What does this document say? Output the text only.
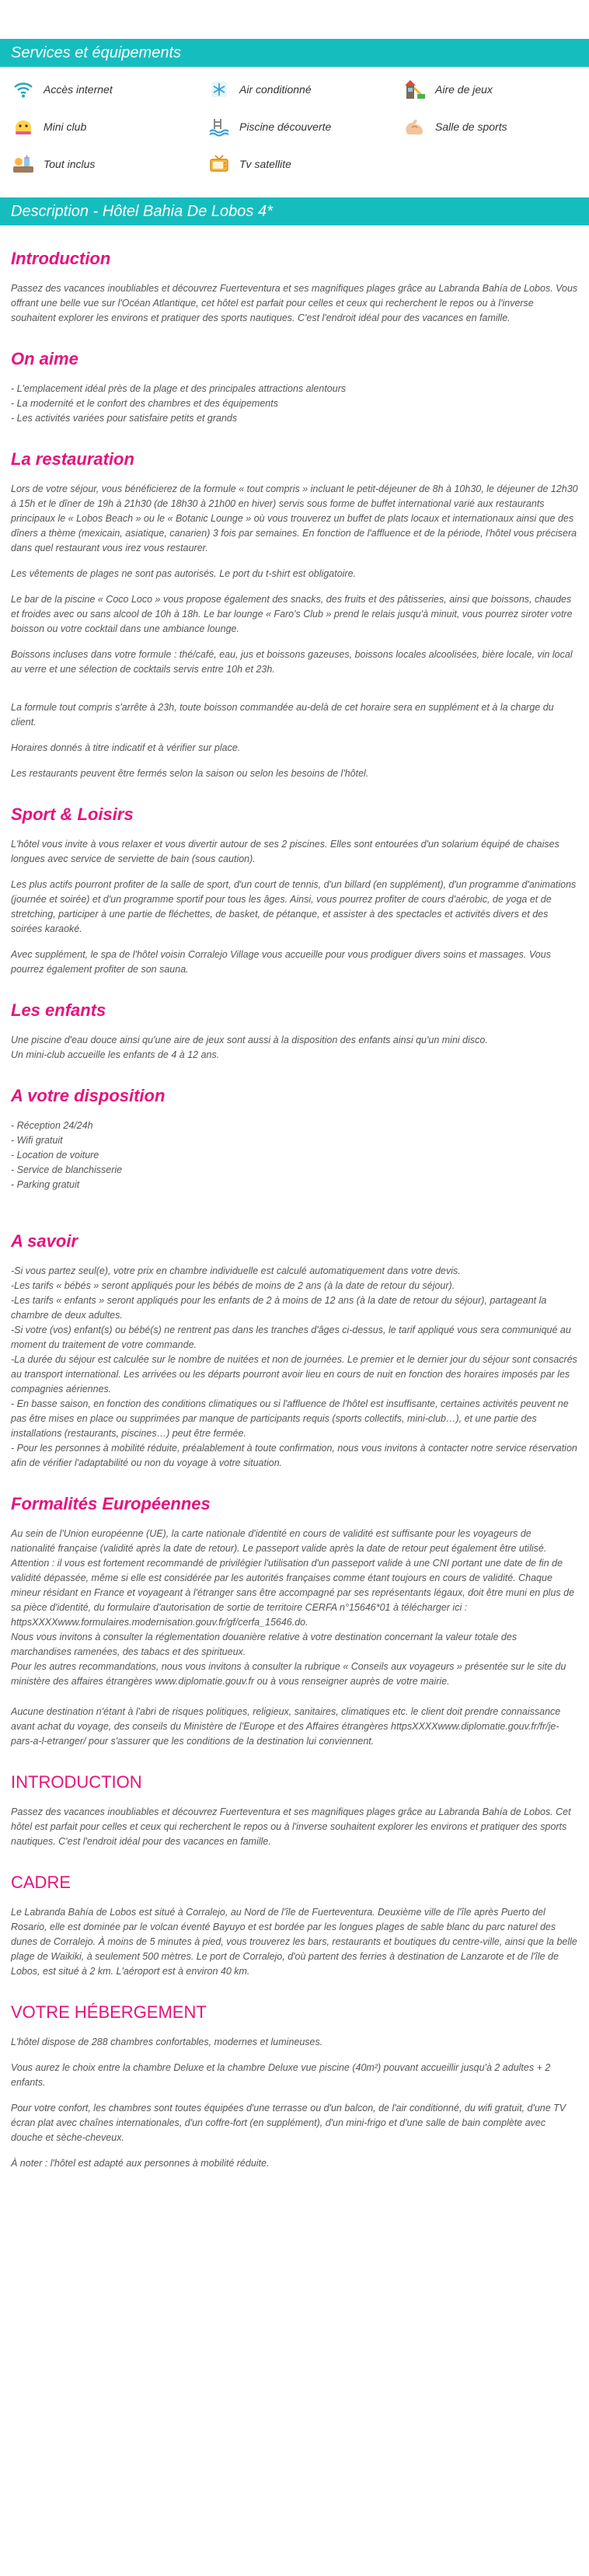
Services et équipements
Accès internet	Air conditionné	Aire de jeux
Mini club	Piscine découverte	Salle de sports
Tout inclus	Tv satellite
Description - Hôtel Bahia De Lobos 4*
Introduction

Passez des vacances inoubliables et découvrez Fuerteventura et ses magnifiques plages grâce au Labranda Bahía de Lobos. Vous offrant une belle vue sur l'Océan Atlantique, cet hôtel est parfait pour celles et ceux qui recherchent le repos ou à l'inverse souhaitent explorer les environs et pratiquer des sports nautiques. C'est l'endroit idéal pour des vacances en famille.

On aime

- L'emplacement idéal près de la plage et des principales attractions alentours

- La modernité et le confort des chambres et des équipements

- Les activités variées pour satisfaire petits et grands

La restauration

Lors de votre séjour, vous bénéficierez de la formule « tout compris » incluant le petit-déjeuner de 8h à 10h30, le déjeuner de 12h30 à 15h et le dîner de 19h à 21h30 (de 18h30 à 21h00 en hiver) servis sous forme de buffet international varié aux restaurants principaux le « Lobos Beach » ou le « Botanic Lounge » où vous trouverez un buffet de plats locaux et internationaux ainsi que des dîners a thème (mexicain, asiatique, canarien) 3 fois par semaines. En fonction de l'affluence et de la période, l'hôtel vous précisera dans quel restaurant vous irez vous restaurer.

Les vêtements de plages ne sont pas autorisés. Le port du t-shirt est obligatoire.

Le bar de la piscine « Coco Loco » vous propose également des snacks, des fruits et des pâtisseries, ainsi que boissons, chaudes et froides avec ou sans alcool de 10h à 18h. Le bar lounge « Faro's Club » prend le relais jusqu'à minuit, vous pourrez siroter votre boisson ou votre cocktail dans une ambiance lounge.

Boissons incluses dans votre formule : thé/café, eau, jus et boissons gazeuses, boissons locales alcoolisées, bière locale, vin local au verre et une sélection de cocktails servis entre 10h et 23h.

La formule tout compris s'arrête à 23h, toute boisson commandée au-delà de cet horaire sera en supplément et à la charge du client.

Horaires donnés à titre indicatif et à vérifier sur place.

Les restaurants peuvent être fermés selon la saison ou selon les besoins de l'hôtel.

Sport & Loisirs

L'hôtel vous invite à vous relaxer et vous divertir autour de ses 2 piscines. Elles sont entourées d'un solarium équipé de chaises longues avec service de serviette de bain (sous caution).

Les plus actifs pourront profiter de la salle de sport, d'un court de tennis, d'un billard (en supplément), d'un programme d'animations (journée et soirée) et d'un programme sportif pour tous les âges. Ainsi, vous pourrez profiter de cours d'aérobic, de yoga et de stretching, participer à une partie de fléchettes, de basket, de pétanque, et assister à des spectacles et activités divers et des soirées karaoké.

Avec supplément, le spa de l'hôtel voisin Corralejo Village vous accueille pour vous prodiguer divers soins et massages. Vous pourrez également profiter de son sauna.

Les enfants

Une piscine d'eau douce ainsi qu'une aire de jeux sont aussi à la disposition des enfants ainsi qu'un mini disco.

Un mini-club accueille les enfants de 4 à 12 ans.

A votre disposition

- Réception 24/24h

- Wifi gratuit

- Location de voiture

- Service de blanchisserie

- Parking gratuit

A savoir

-Si vous partez seul(e), votre prix en chambre individuelle est calculé automatiquement dans votre devis.

-Les tarifs « bébés » seront appliqués pour les bébés de moins de 2 ans (à la date de retour du séjour).

-Les tarifs « enfants » seront appliqués pour les enfants de 2 à moins de 12 ans (à la date de retour du séjour), partageant la chambre de deux adultes.

-Si votre (vos) enfant(s) ou bébé(s) ne rentrent pas dans les tranches d'âges ci-dessus, le tarif appliqué vous sera communiqué au moment du traitement de votre commande.

-La durée du séjour est calculée sur le nombre de nuitées et non de journées. Le premier et le dernier jour du séjour sont consacrés au transport international. Les arrivées ou les départs pourront avoir lieu en cours de nuit en fonction des horaires imposés par les compagnies aériennes.

- En basse saison, en fonction des conditions climatiques ou si l'affluence de l'hôtel est insuffisante, certaines activités peuvent ne pas être mises en place ou supprimées par manque de participants requis (sports collectifs, mini-club…), et une partie des installations (restaurants, piscines…) peut être fermée.

- Pour les personnes à mobilité réduite, préalablement à toute confirmation, nous vous invitons à contacter notre service réservation afin de vérifier l'adaptabilité ou non du voyage à votre situation.

Formalités Européennes

Au sein de l'Union européenne (UE), la carte nationale d'identité en cours de validité est suffisante pour les voyageurs de nationalité française (validité après la date de retour). Le passeport valide après la date de retour peut également être utilisé. Attention : il vous est fortement recommandé de privilégier l'utilisation d'un passeport valide à une CNI portant une date de fin de validité dépassée, même si elle est considérée par les autorités françaises comme étant toujours en cours de validité. Chaque mineur résidant en France et voyageant à l'étranger sans être accompagné par ses représentants légaux, doit être muni en plus de sa pièce d'identité, du formulaire d'autorisation de sortie de territoire CERFA n°15646*01 à télécharger ici : httpsXXXXwww.formulaires.modernisation.gouv.fr/gf/cerfa_15646.do.

Nous vous invitons à consulter la réglementation douanière relative à votre destination concernant la valeur totale des marchandises ramenées, des tabacs et des spiritueux.

Pour les autres recommandations, nous vous invitons à consulter la rubrique « Conseils aux voyageurs » présentée sur le site du ministère des affaires étrangères www.diplomatie.gouv.fr ou à vous renseigner auprès de votre mairie.

Aucune destination n'étant à l'abri de risques politiques, religieux, sanitaires, climatiques etc. le client doit prendre connaissance avant achat du voyage, des conseils du Ministère de l'Europe et des Affaires étrangères httpsXXXXwww.diplomatie.gouv.fr/fr/je-pars-a-l-etranger/ pour s'assurer que les conditions de la destination lui conviennent.

INTRODUCTION

Passez des vacances inoubliables et découvrez Fuerteventura et ses magnifiques plages grâce au Labranda Bahía de Lobos. Cet hôtel est parfait pour celles et ceux qui recherchent le repos ou à l'inverse souhaitent explorer les environs et pratiquer des sports nautiques. C'est l'endroit idéal pour des vacances en famille.

CADRE

Le Labranda Bahía de Lobos est situé à Corralejo, au Nord de l'île de Fuerteventura. Deuxième ville de l'île après Puerto del Rosario, elle est dominée par le volcan éventé Bayuyo et est bordée par les longues plages de sable blanc du parc naturel des dunes de Corralejo. À moins de 5 minutes à pied, vous trouverez les bars, restaurants et boutiques du centre-ville, ainsi que la belle plage de Waikiki, à seulement 500 mètres. Le port de Corralejo, d'où partent des ferries à destination de Lanzarote et de l'île de Lobos, est situé à 2 km. L'aéroport est à environ 40 km.

VOTRE HÉBERGEMENT

L'hôtel dispose de 288 chambres confortables, modernes et lumineuses.

Vous aurez le choix entre la chambre Deluxe et la chambre Deluxe vue piscine (40m²) pouvant accueillir jusqu'à 2 adultes + 2 enfants.

Pour votre confort, les chambres sont toutes équipées d'une terrasse ou d'un balcon, de l'air conditionné, du wifi gratuit, d'une TV écran plat avec chaînes internationales, d'un coffre-fort (en supplément), d'un mini-frigo et d'une salle de bain complète avec douche et sèche-cheveux.

À noter : l'hôtel est adapté aux personnes à mobilité réduite.
